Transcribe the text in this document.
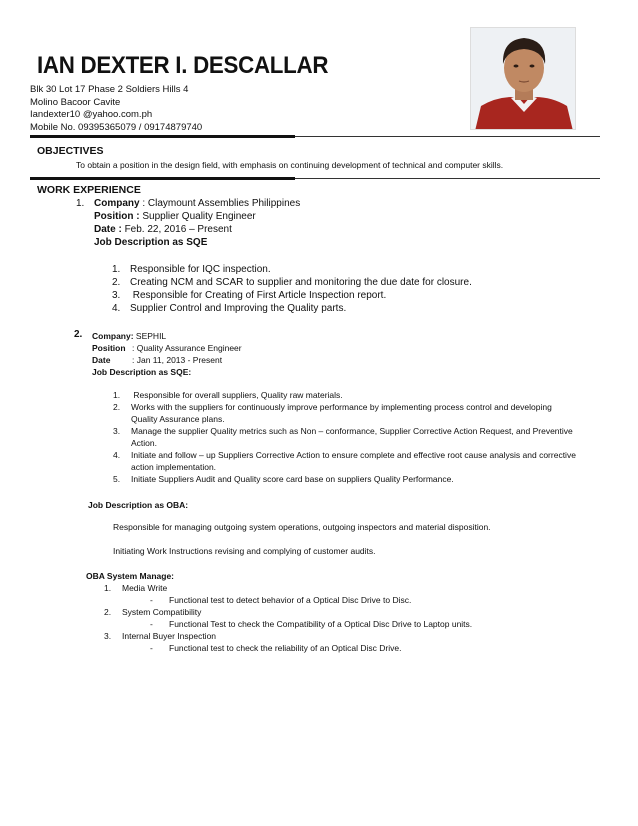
IAN DEXTER I. DESCALLAR
Blk 30 Lot 17 Phase 2 Soldiers Hills 4
Molino Bacoor Cavite
Iandexter10 @yahoo.com.ph
Mobile No. 09395365079 / 09174879740
OBJECTIVES
To obtain a position in the design field, with emphasis on continuing development of technical and computer skills.
WORK EXPERIENCE
1. Company : Claymount Assemblies Philippines
Position : Supplier Quality Engineer
Date : Feb. 22, 2016 – Present
Job Description as SQE
1. Responsible for IQC inspection.
2. Creating NCM and SCAR to supplier and monitoring the due date for closure.
3. Responsible for Creating of First Article Inspection report.
4. Supplier Control and Improving the Quality parts.
2. Company: SEPHIL
Position : Quality Assurance Engineer
Date	: Jan 11, 2013 - Present
Job Description as SQE:
1. Responsible for overall suppliers, Quality raw materials.
2. Works with the suppliers for continuously improve performance by implementing process control and developing
Quality Assurance plans.
3. Manage the supplier Quality metrics such as Non – conformance, Supplier Corrective Action Request, and Preventive
Action.
4. Initiate and follow – up Suppliers Corrective Action to ensure complete and effective root cause analysis and corrective
action implementation.
5. Initiate Suppliers Audit and Quality score card base on suppliers Quality Performance.
Job Description as OBA:
Responsible for managing outgoing system operations, outgoing inspectors and material disposition.
Initiating Work Instructions revising and complying of customer audits.
OBA System Manage:
1. Media Write
- Functional test to detect behavior of a Optical Disc Drive to Disc.
2. System Compatibility
- Functional Test to check the Compatibility of a Optical Disc Drive to Laptop units.
3. Internal Buyer Inspection
- Functional test to check the reliability of an Optical Disc Drive.
